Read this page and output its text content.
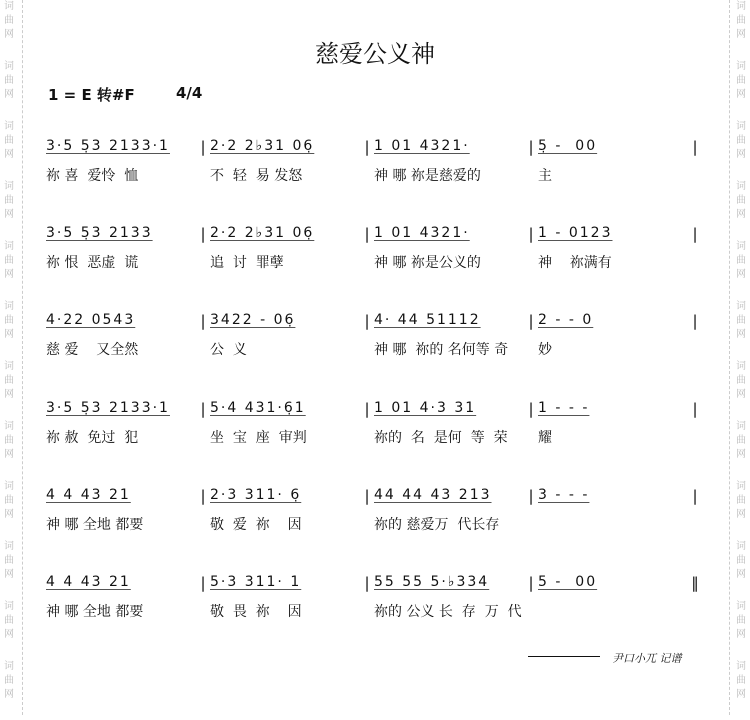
词
曲
网
词
曲
网
词
曲
网
词
曲
网
词
曲
网
词
曲
网
词
曲
网
词
曲
网
词
曲
网
词
曲
网
词
曲
网
词
曲
网
词
曲
网
词
曲
网
词
曲
网
词
曲
网
词
曲
网
词
曲
网
词
曲
网
词
曲
网
词
曲
网
词
曲
网
词
曲
网
词
曲
网
慈爱公义神
1 = E 转#F	4/4
3·5 5̣3 2133·1	| 2·2 2♭31 06̣	| 1 01 4321·	| 5̣ -  00	|
祢 喜  爱怜  恤	不  轻  易 发怒	神 哪 祢是慈爱的	主
3·5 5̣3 2133	| 2·2 2♭31 06̣	| 1 01 4321·	| 1 - 0123	|
祢 恨  恶虚  谎	追  讨  罪孽	神 哪 祢是公义的	神    祢满有
4·22 0543	| 3422 - 06̣	| 4· 44 51112	| 2 - - 0	|
慈 爱    又全然	公  义	神 哪  祢的 名何等 奇	妙
3·5 5̣3 2133·1	| 5·4 431·6̣1	| 1 01 4·3 31	| 1 - - -	|
祢 赦  免过  犯	坐  宝  座  审判	祢的  名  是何  等  荣	耀
4 4 43 21	| 2·3 311· 6̣	| 44 44 43 213	| 3 - - -	|
神 哪 全地 都要	敬  爱  祢    因	祢的 慈爱万  代长存
4 4 43 21	| 5·3 311· 1	| 55 55 5·♭334	| 5 -  00	‖
神 哪 全地 都要	敬  畏  祢    因	祢的 公义 长  存  万  代
尹口小兀 记谱
